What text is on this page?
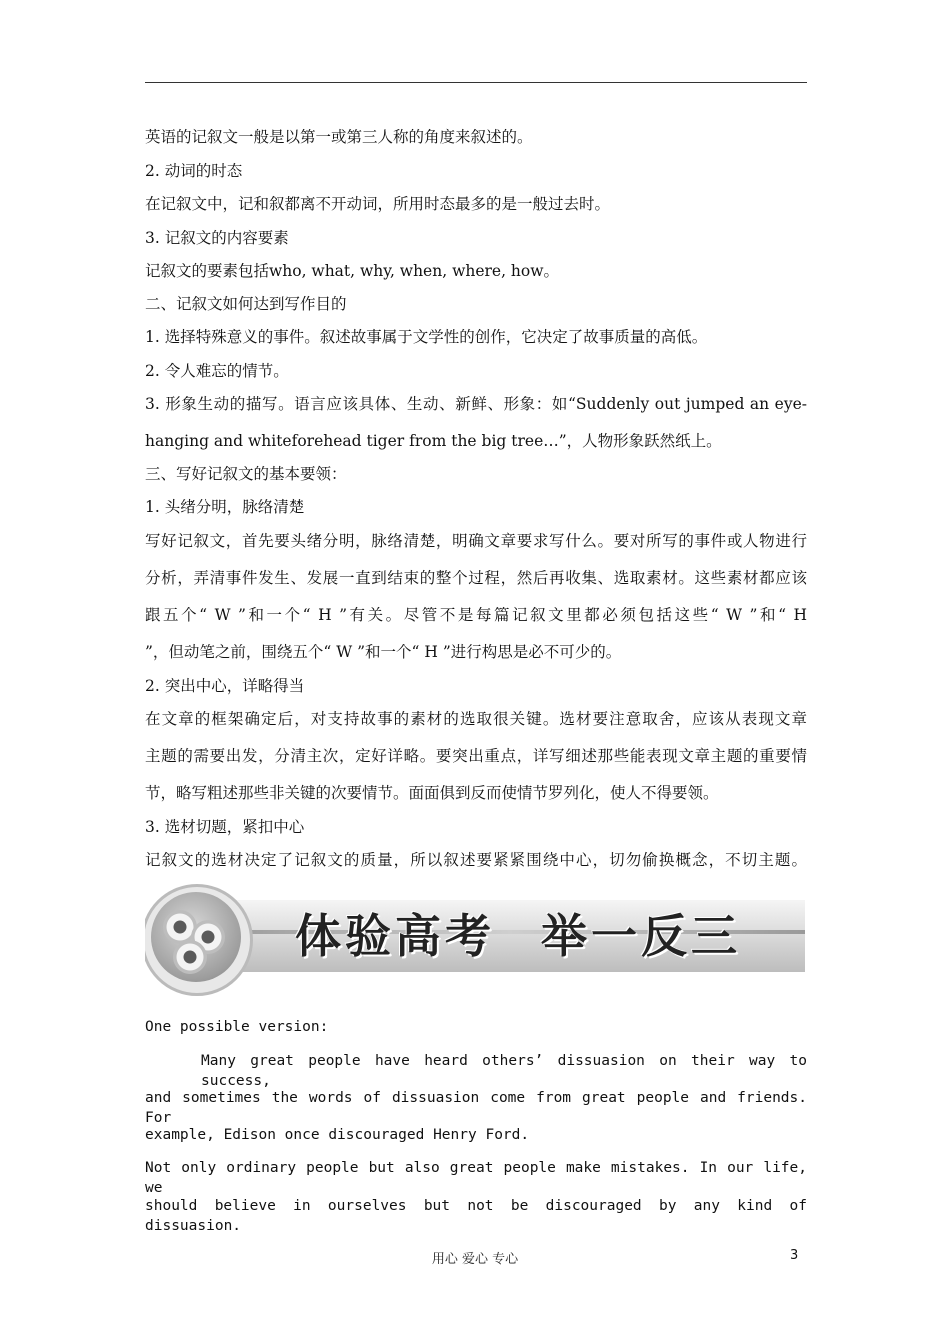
英语的记叙文一般是以第一或第三人称的角度来叙述的。
2. 动词的时态
在记叙文中，记和叙都离不开动词，所用时态最多的是一般过去时。
3. 记叙文的内容要素
记叙文的要素包括who, what, why, when, where, how。
二、记叙文如何达到写作目的
1. 选择特殊意义的事件。叙述故事属于文学性的创作，它决定了故事质量的高低。
2. 令人难忘的情节。
3. 形象生动的描写。语言应该具体、生动、新鲜、形象：如“Suddenly out jumped an eye-
hanging and whiteforehead tiger from the big tree…”，人物形象跃然纸上。
三、写好记叙文的基本要领：
1. 头绪分明，脉络清楚
写好记叙文，首先要头绪分明，脉络清楚，明确文章要求写什么。要对所写的事件或人物进行
分析，弄清事件发生、发展一直到结束的整个过程，然后再收集、选取素材。这些素材都应该
跟五个“ W ”和一个“ H ”有关。尽管不是每篇记叙文里都必须包括这些“ W ”和“ H
”，但动笔之前，围绕五个“ W ”和一个“ H ”进行构思是必不可少的。
2. 突出中心，详略得当
在文章的框架确定后，对支持故事的素材的选取很关键。选材要注意取舍，应该从表现文章
主题的需要出发，分清主次，定好详略。要突出重点，详写细述那些能表现文章主题的重要情
节，略写粗述那些非关键的次要情节。面面俱到反而使情节罗列化，使人不得要领。
3. 选材切题，紧扣中心
记叙文的选材决定了记叙文的质量，所以叙述要紧紧围绕中心，切勿偷换概念，不切主题。
体验高考 举一反三
One possible version:
Many great people have heard others’ dissuasion on their way to success,
and sometimes the words of dissuasion come from great people and friends. For
example, Edison once discouraged Henry Ford.
Not only ordinary people but also great people make mistakes. In our life, we
should believe in ourselves but not be discouraged by any kind of dissuasion.
用心 爱心 专心	3
